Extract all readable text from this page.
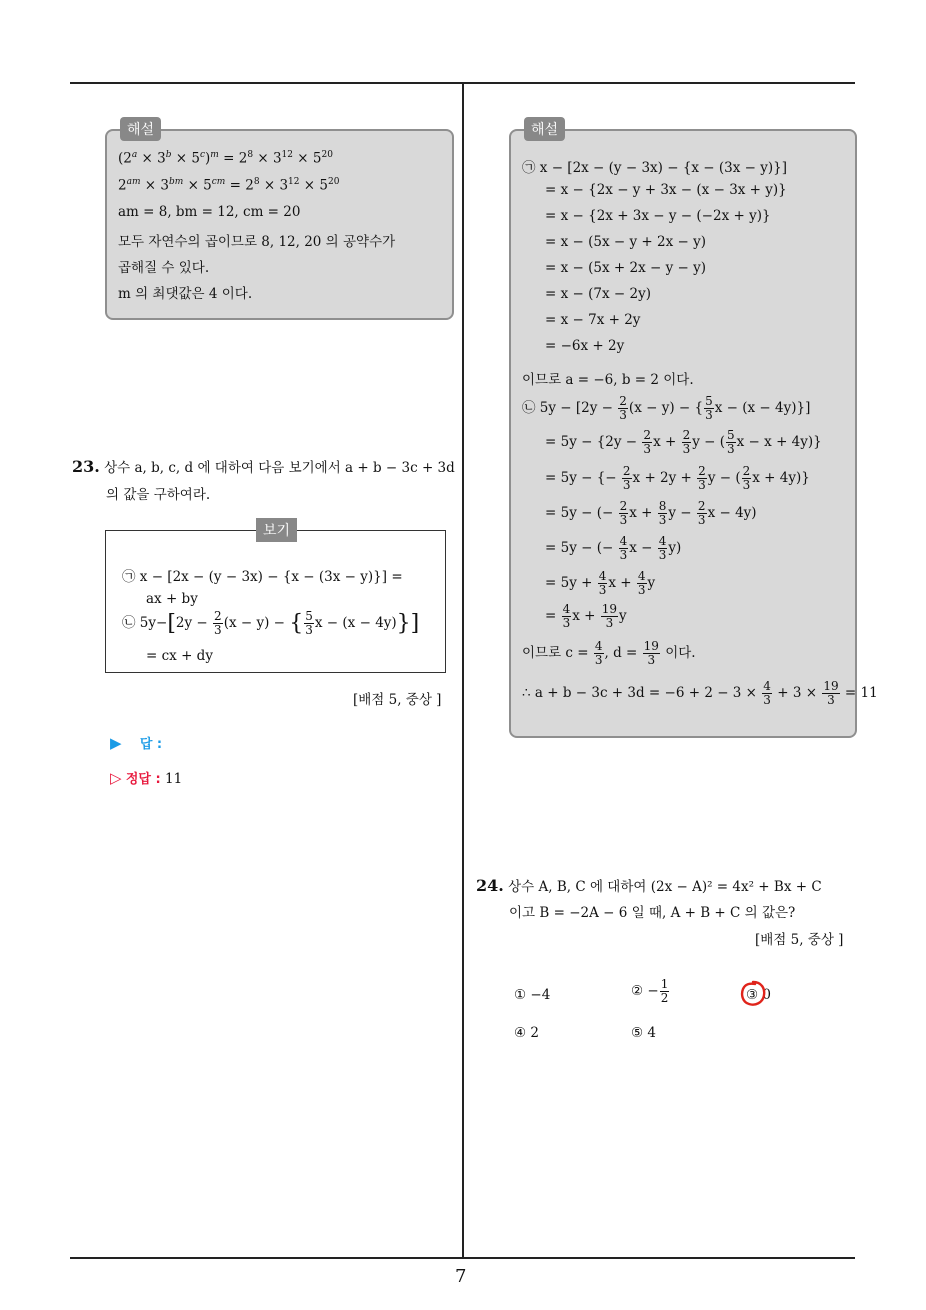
7
해설
$(2^a \times 3^b \times 5^c)^m = 2^8 \times 3^{12} \times 5^{20}$
$2^{am} \times 3^{bm} \times 5^{cm} = 2^8 \times 3^{12} \times 5^{20}$
am = 8, bm = 12, cm = 20
모두 자연수의 곱이므로 8, 12, 20 의 공약수가
곱해질 수 있다.
m 의 최댓값은 4 이다.
23. 상수 a, b, c, d 에 대하여 다음 보기에서 a + b − 3c + 3d
의 값을 구하여라.
보기
㉠ x − [2x − (y − 3x) − {x − (3x − y)}] =
ax + by
㉡ $5y-[2y - \frac{2}{3} (x - y)$ − { $\frac{5}{3}$ x − (x − 4y)}]
= cx + dy
[배점 5, 중상 ]
▶ 답 :
▷ 정답 : 11
해설
㉠ x − [2x − (y − 3x) − {x − (3x − y)}]
= x − {2x − y + 3x − (x − 3x + y)}
= x − {2x + 3x − y − (−2x + y)}
= x − (5x − y + 2x − y)
= x − (5x + 2x − y − y)
= x − (7x − 2y)
= x − 7x + 2y
= −6x + 2y
이므로 a = −6, b = 2 이다.
㉡ $5y - [2y - \frac{2}{3} (x - y)$ − { $\frac{5}{3}$ x − (x − 4y)}]
= $5y - \{2y - \frac{2}{3}$ $x + \frac{2}{3}$ y − ( $\frac{5}{3}$ x − x + 4y)}
= 5y − {− $\frac{2}{3}$ $x + 2y + \frac{2}{3}$ y − ( $\frac{2}{3}$ x + 4y)}
= 5y − (− $\frac{2}{3}$ $x + \frac{8}{3}$ $y - \frac{2}{3}$ x − 4y)
= 5y − (− $\frac{4}{3}$ $x - \frac{4}{3} y$)
= $5y + \frac{4}{3}$ $x + \frac{4}{3}$ y
= $\frac{4}{3}$ $x + \frac{19}{3}$ y
이므로 $c = \frac{4}{3}$ , $d = \frac{19}{3}$ 이다.
∴ $a + b - 3c + 3d = -6 + 2 - 3 \times \frac{4}{3} + 3 \times \frac{19}{3} = 11$
24. 상수 A, B, C 에 대하여 (2x − A)² = 4x² + Bx + C
이고 B = −2A − 6 일 때, A + B + C 의 값은?
[배점 5, 중상 ]
① −4	② − $\frac{1}{2}$	③ 0
④ 2	⑤ 4
